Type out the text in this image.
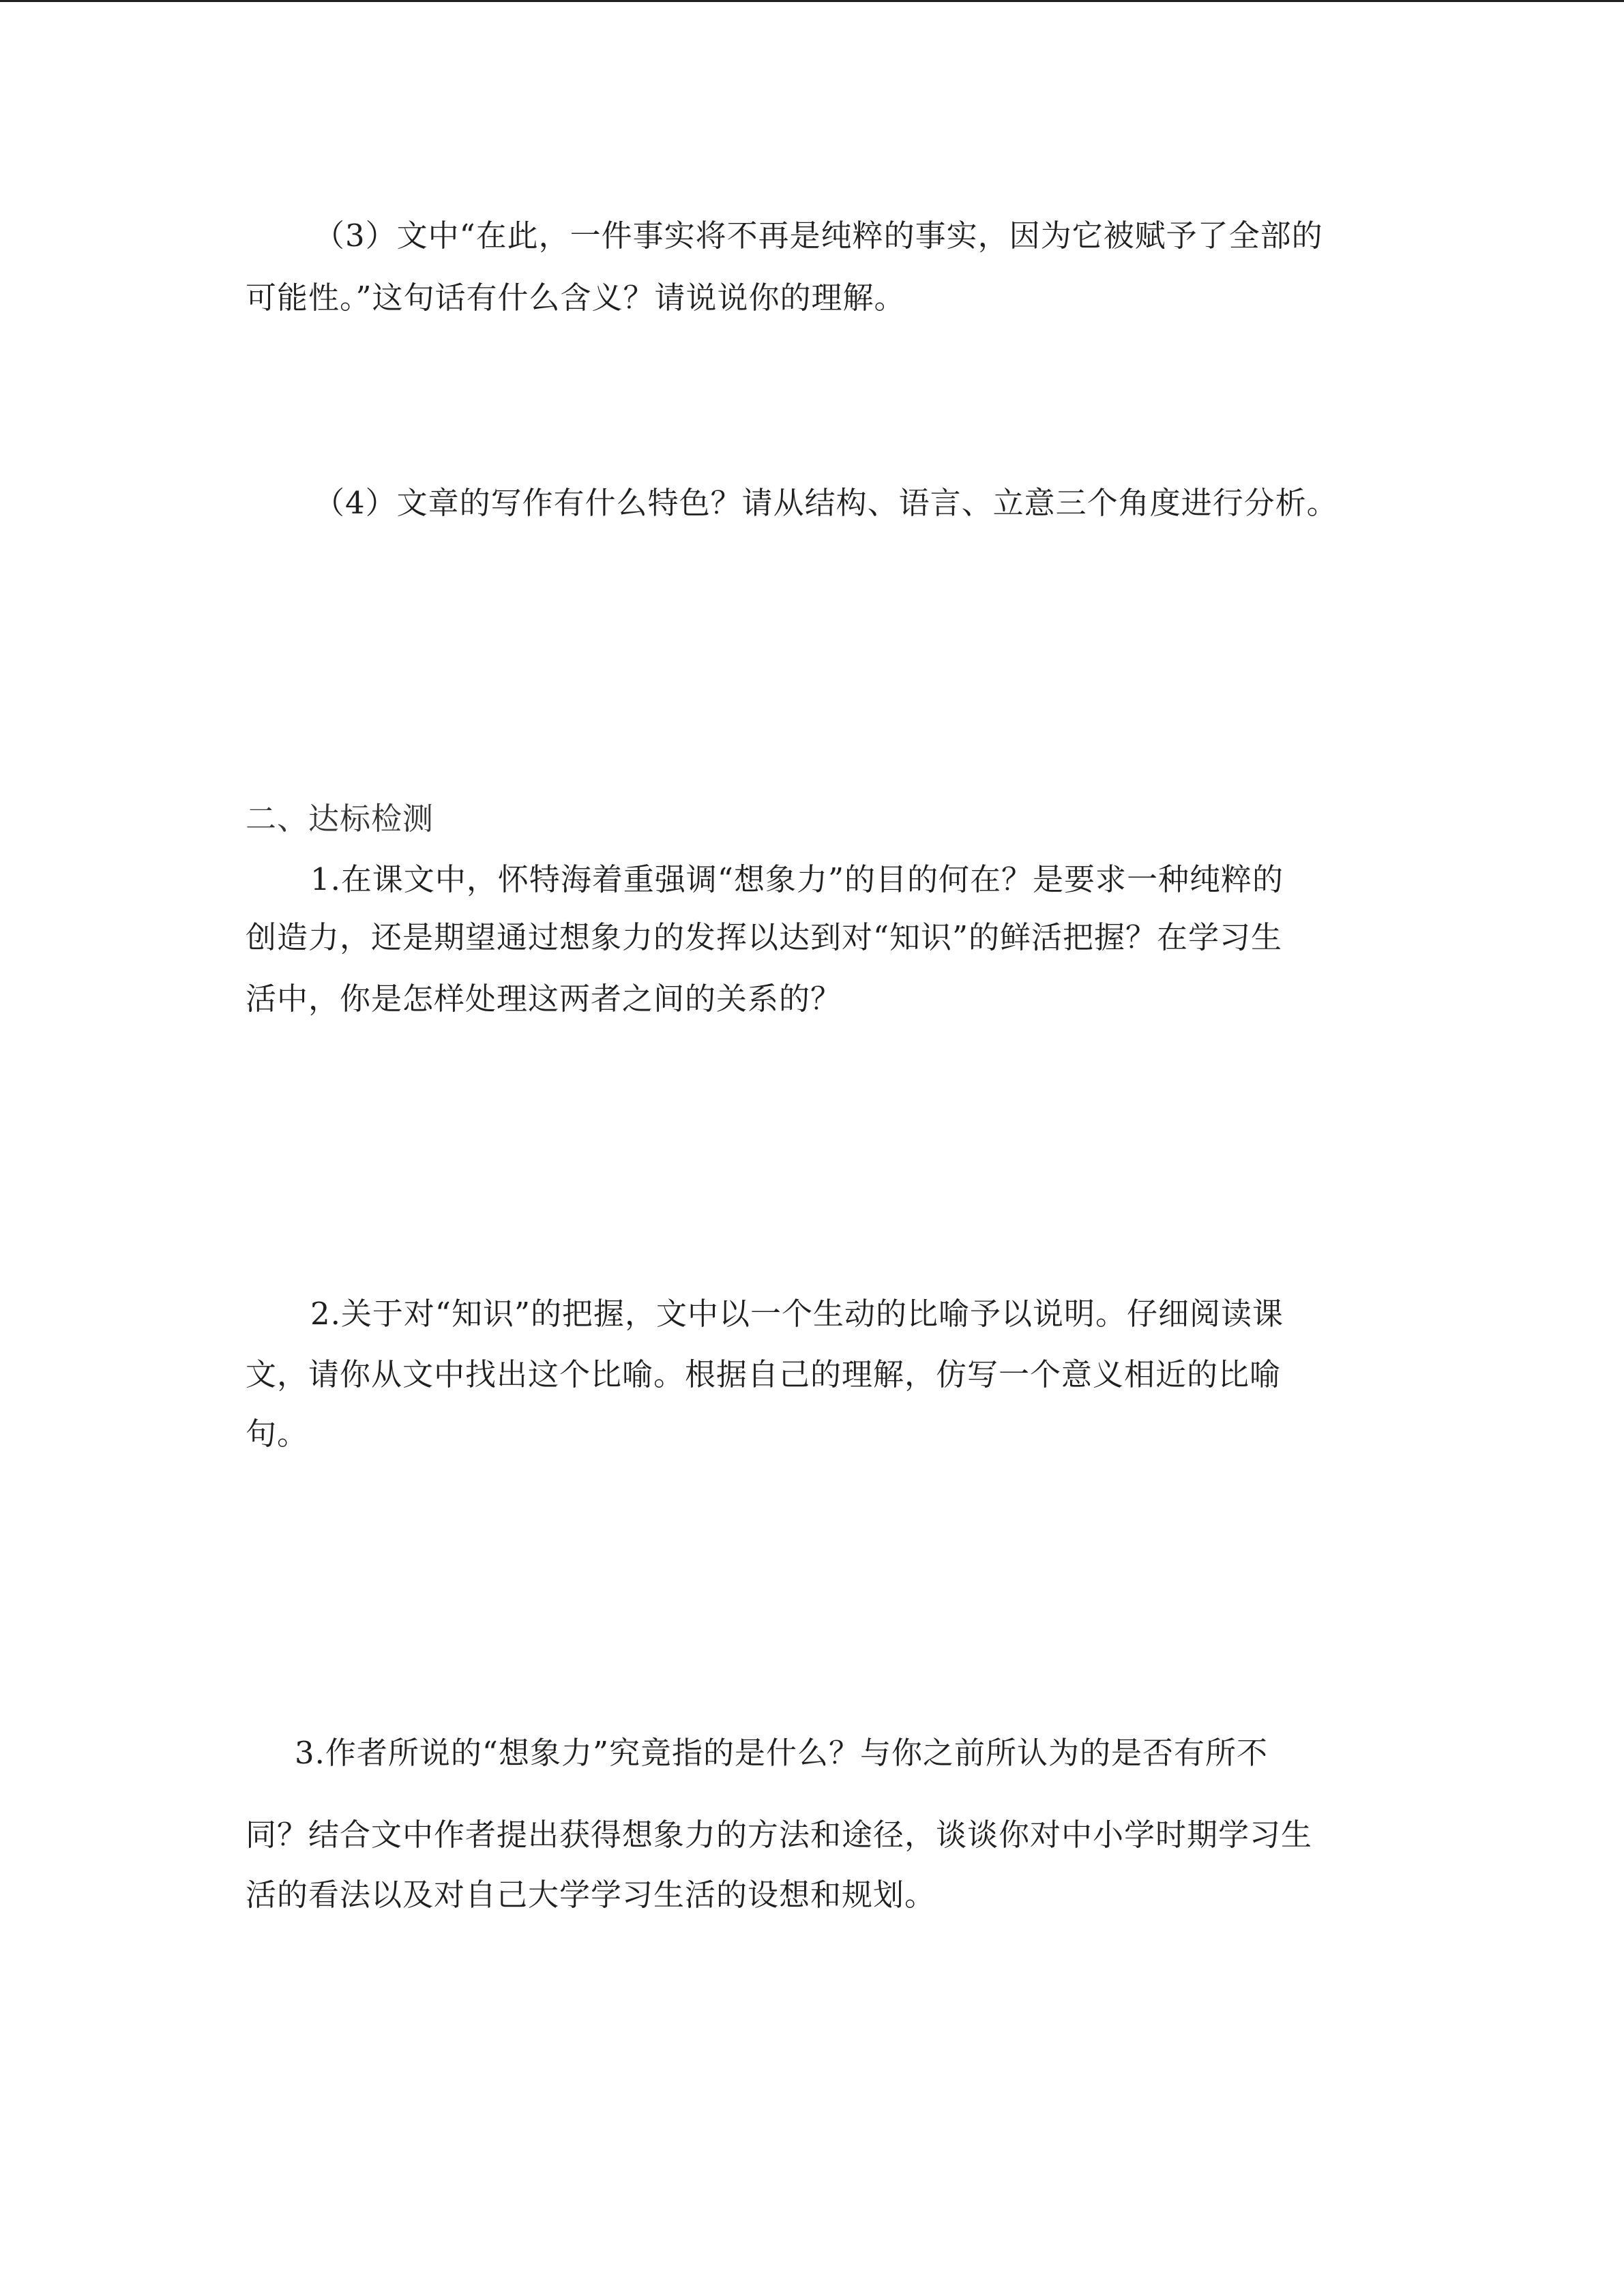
（3）文中“在此，一件事实将不再是纯粹的事实，因为它被赋予了全部的

可能性。”这句话有什么含义？请说说你的理解。

（4）文章的写作有什么特色？请从结构、语言、立意三个角度进行分析。

二、达标检测

1.在课文中，怀特海着重强调“想象力”的目的何在？是要求一种纯粹的

创造力，还是期望通过想象力的发挥以达到对“知识”的鲜活把握？在学习生

活中，你是怎样处理这两者之间的关系的？

2.关于对“知识”的把握，文中以一个生动的比喻予以说明。仔细阅读课

文，请你从文中找出这个比喻。根据自己的理解，仿写一个意义相近的比喻

句。

3.作者所说的“想象力”究竟指的是什么？与你之前所认为的是否有所不

同？结合文中作者提出获得想象力的方法和途径，谈谈你对中小学时期学习生

活的看法以及对自己大学学习生活的设想和规划。
